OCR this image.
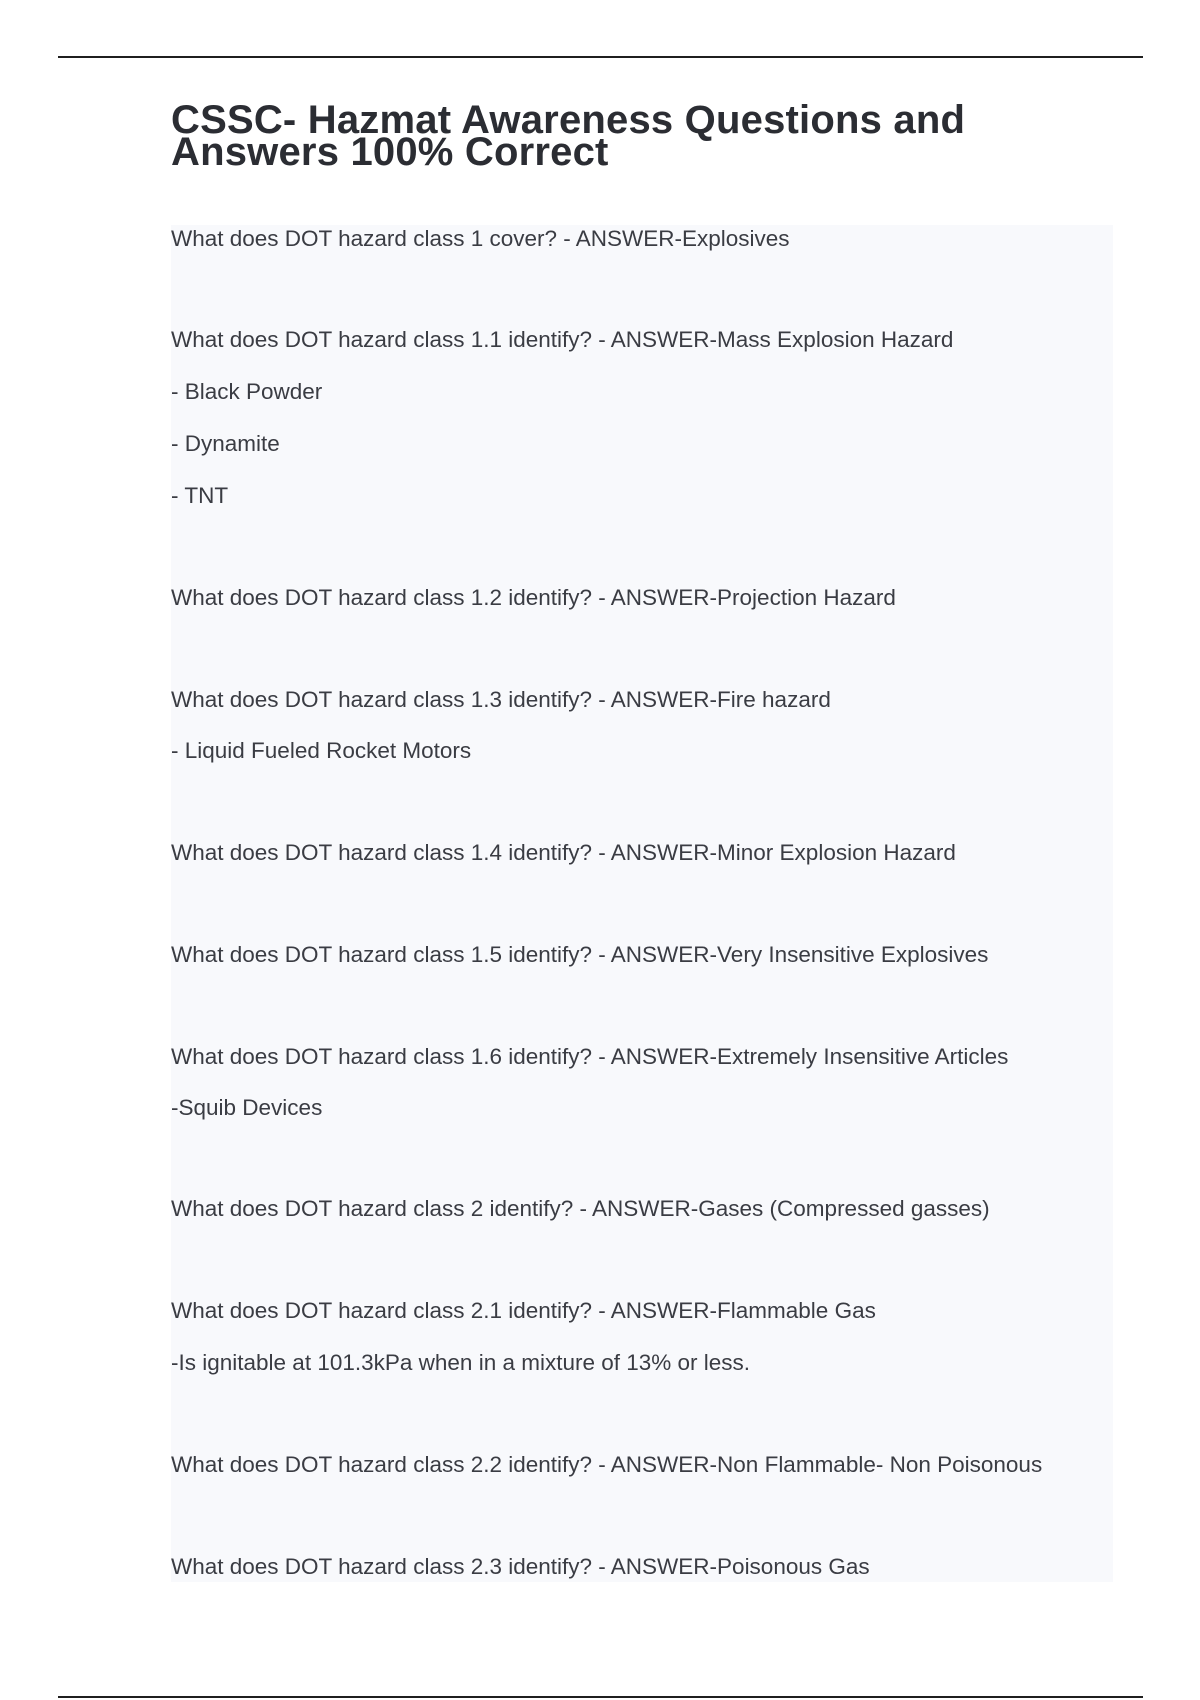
CSSC- Hazmat Awareness Questions and
Answers 100% Correct
What does DOT hazard class 1 cover? - ANSWER-Explosives
What does DOT hazard class 1.1 identify? - ANSWER-Mass Explosion Hazard
- Black Powder
- Dynamite
- TNT
What does DOT hazard class 1.2 identify? - ANSWER-Projection Hazard
What does DOT hazard class 1.3 identify? - ANSWER-Fire hazard
- Liquid Fueled Rocket Motors
What does DOT hazard class 1.4 identify? - ANSWER-Minor Explosion Hazard
What does DOT hazard class 1.5 identify? - ANSWER-Very Insensitive Explosives
What does DOT hazard class 1.6 identify? - ANSWER-Extremely Insensitive Articles
-Squib Devices
What does DOT hazard class 2 identify? - ANSWER-Gases (Compressed gasses)
What does DOT hazard class 2.1 identify? - ANSWER-Flammable Gas
-Is ignitable at 101.3kPa when in a mixture of 13% or less.
What does DOT hazard class 2.2 identify? - ANSWER-Non Flammable- Non Poisonous
What does DOT hazard class 2.3 identify? - ANSWER-Poisonous Gas
